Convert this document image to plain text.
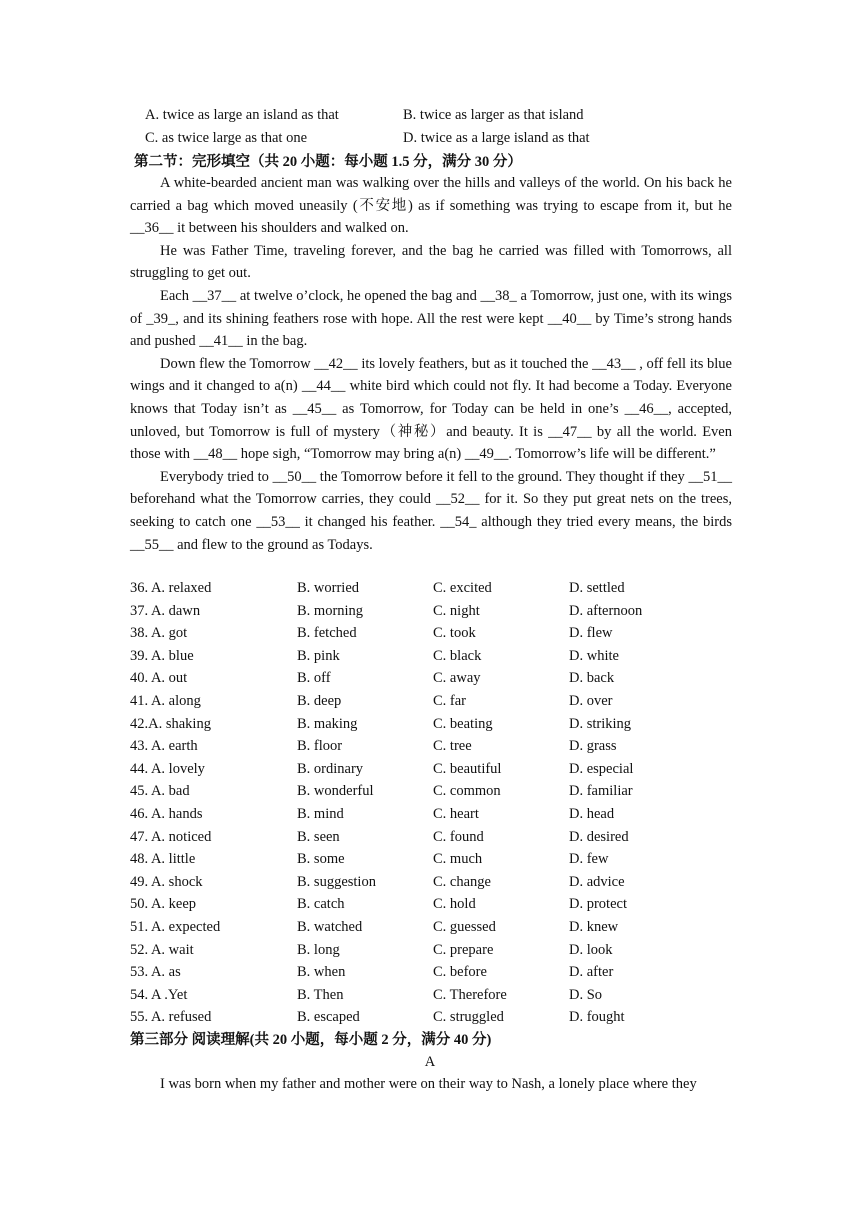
A. twice as large an island as that	B. twice as larger as that island
C. as twice large as that one	D. twice as a large island as that
第二节：完形填空（共 20 小题：每小题 1.5 分，满分 30 分）

A white-bearded ancient man was walking over the hills and valleys of the world. On his back he carried a bag which moved uneasily (不安地) as if something was trying to escape from it, but he __36__ it between his shoulders and walked on.

He was Father Time, traveling forever, and the bag he carried was filled with Tomorrows, all struggling to get out.

Each __37__ at twelve o’clock, he opened the bag and __38_ a Tomorrow, just one, with its wings of _39_, and its shining feathers rose with hope. All the rest were kept __40__ by Time’s strong hands and pushed __41__ in the bag.

Down flew the Tomorrow __42__ its lovely feathers, but as it touched the __43__ , off fell its blue wings and it changed to a(n) __44__ white bird which could not fly. It had become a Today. Everyone knows that Today isn’t as __45__ as Tomorrow, for Today can be held in one’s __46__, accepted, unloved, but Tomorrow is full of mystery（神秘）and beauty. It is __47__ by all the world. Even those with __48__ hope sigh, “Tomorrow may bring a(n) __49__. Tomorrow’s life will be different.”

Everybody tried to __50__ the Tomorrow before it fell to the ground. They thought if they __51__ beforehand what the Tomorrow carries, they could __52__ for it. So they put great nets on the trees, seeking to catch one __53__ it changed his feather. __54_ although they tried every means, the birds __55__ and flew to the ground as Todays.

36. A. relaxed	B. worried	C. excited	D. settled
37. A. dawn	B. morning	C. night	D. afternoon
38. A. got	B. fetched	C. took	D. flew
39. A. blue	B. pink	C. black	D. white
40. A. out	B. off	C. away	D. back
41. A. along	B. deep	C. far	D. over
42.A. shaking	B. making	C. beating	D. striking
43. A. earth	B. floor	C. tree	D. grass
44. A. lovely	B. ordinary	C. beautiful	D. especial
45. A. bad	B. wonderful	C. common	D. familiar
46. A. hands	B. mind	C. heart	D. head
47. A. noticed	B. seen	C. found	D. desired
48. A. little	B. some	C. much	D. few
49. A. shock	B. suggestion	C. change	D. advice
50. A. keep	B. catch	C. hold	D. protect
51. A. expected	B. watched	C. guessed	D. knew
52. A. wait	B. long	C. prepare	D. look
53. A. as	B. when	C. before	D. after
54. A .Yet	B. Then	C. Therefore	D. So
55. A. refused	B. escaped	C. struggled	D. fought
第三部分 阅读理解(共 20 小题，每小题 2 分，满分 40 分)
A
I was born when my father and mother were on their way to Nash, a lonely place where they
